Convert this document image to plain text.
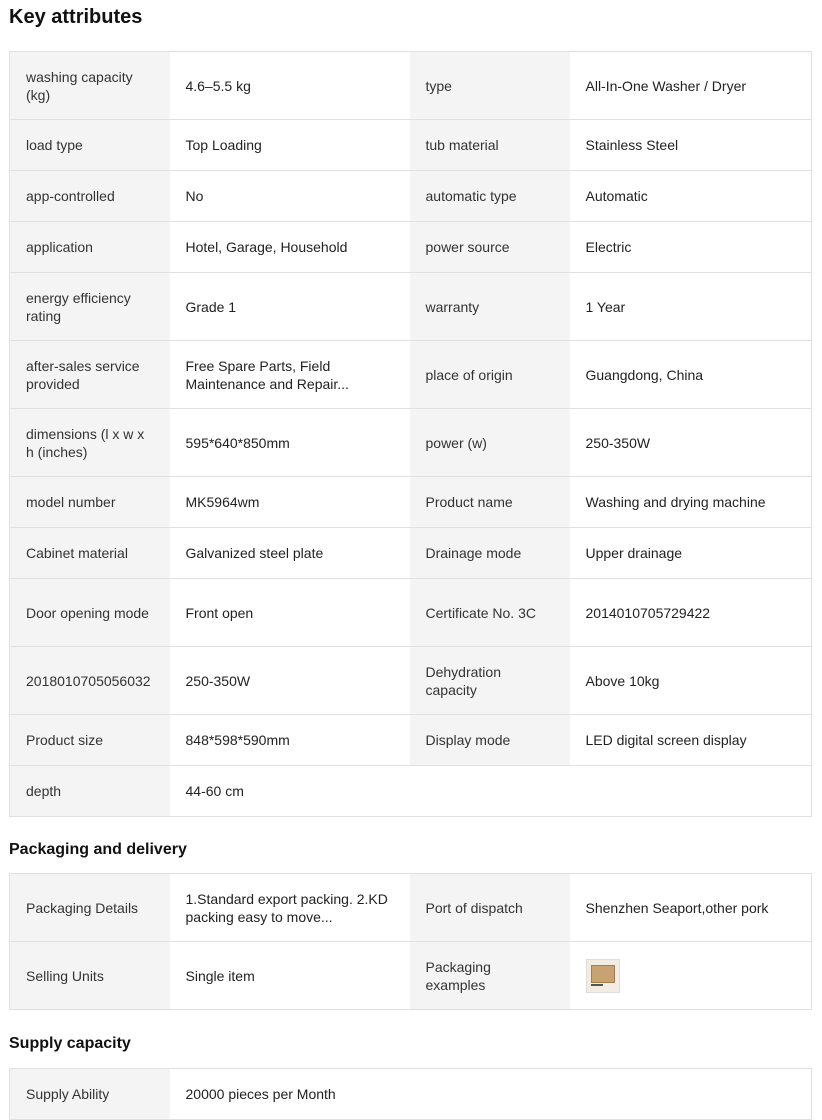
Key attributes
washing capacity (kg)	4.6–5.5 kg	type	All-In-One Washer / Dryer
load type	Top Loading	tub material	Stainless Steel
app-controlled	No	automatic type	Automatic
application	Hotel, Garage, Household	power source	Electric
energy efficiency rating	Grade 1	warranty	1 Year
after-sales service provided	Free Spare Parts, Field Maintenance and Repair...	place of origin	Guangdong, China
dimensions (l x w x h (inches)	595*640*850mm	power (w)	250-350W
model number	MK5964wm	Product name	Washing and drying machine
Cabinet material	Galvanized steel plate	Drainage mode	Upper drainage
Door opening mode	Front open	Certificate No. 3C	2014010705729422
2018010705056032	250-350W	Dehydration capacity	Above 10kg
Product size	848*598*590mm	Display mode	LED digital screen display
depth	44-60 cm		
Packaging and delivery
Packaging Details	1.Standard export packing. 2.KD packing easy to move...	Port of dispatch	Shenzhen Seaport,other pork
Selling Units	Single item	Packaging examples	
Supply capacity
Supply Ability	20000 pieces per Month		
